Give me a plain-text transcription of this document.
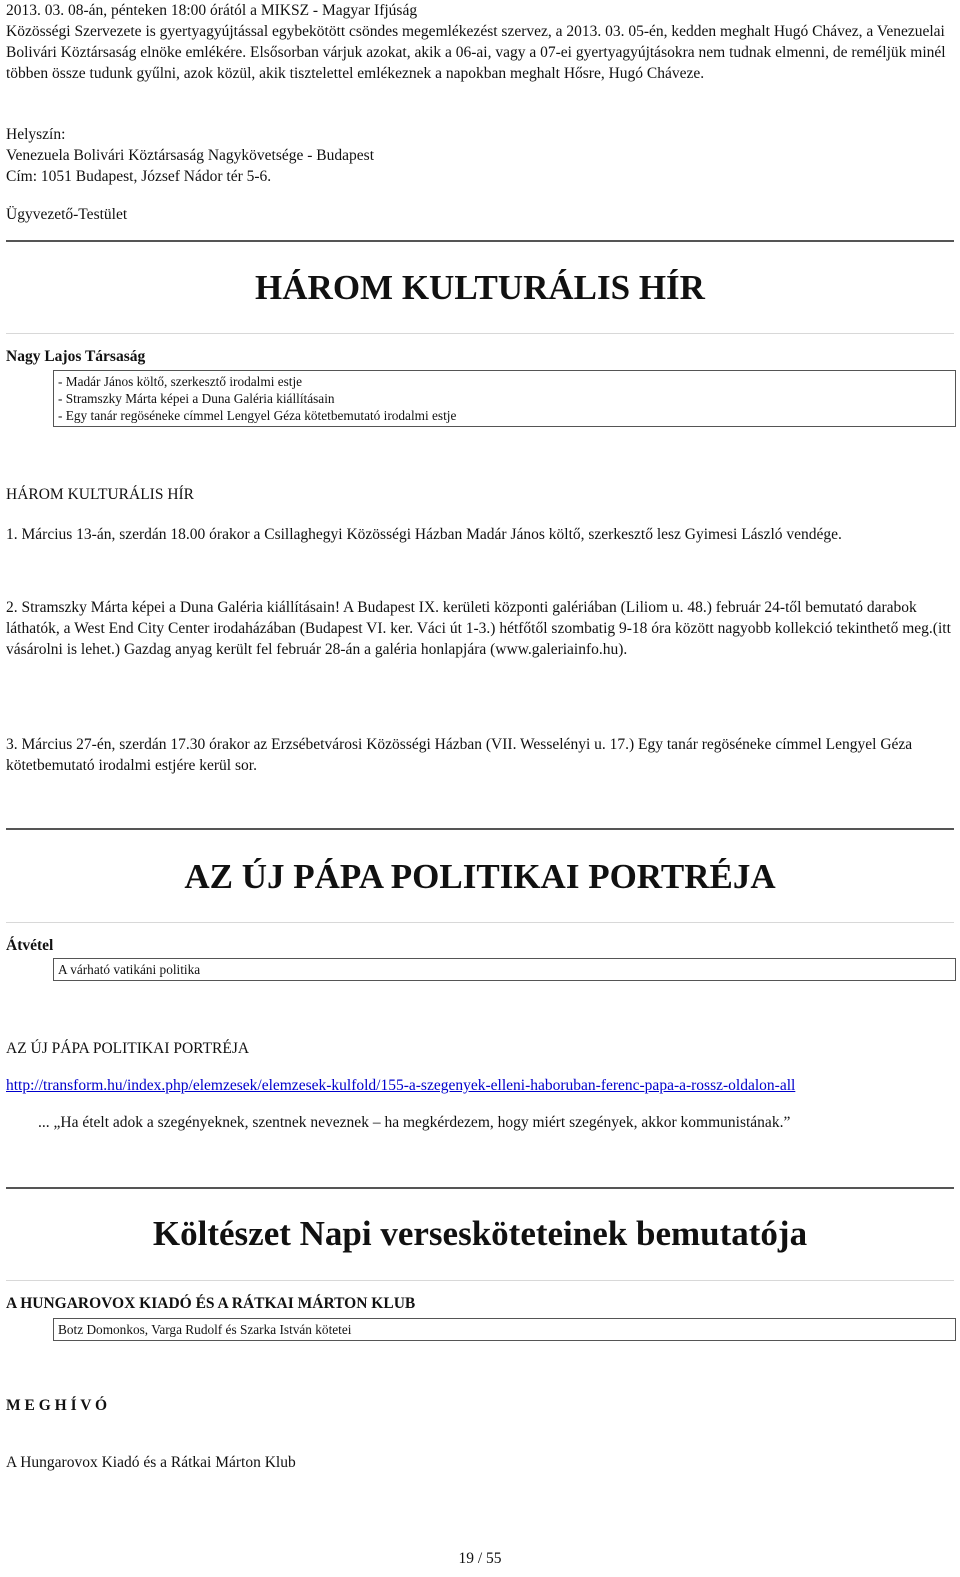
2013. 03. 08-án, pénteken 18:00 órától a MIKSZ - Magyar Ifjúság

Közösségi Szervezete is gyertyagyújtással egybekötött csöndes megemlékezést szervez, a 2013. 03. 05-én, kedden meghalt Hugó Chávez, a Venezuelai Bolivári Köztársaság elnöke emlékére. Elsősorban várjuk azokat, akik a 06-ai, vagy a 07-ei gyertyagyújtásokra nem tudnak elmenni, de reméljük minél többen össze tudunk gyűlni, azok közül, akik tisztelettel emlékeznek a napokban meghalt Hősre, Hugó Cháveze.

Helyszín:

Venezuela Bolivári Köztársaság Nagykövetsége - Budapest

Cím: 1051 Budapest, József Nádor tér 5-6.

Ügyvezető-Testület

HÁROM KULTURÁLIS HÍR

Nagy Lajos Társaság

- Madár János költő, szerkesztő irodalmi estje
- Stramszky Márta képei a Duna Galéria kiállításain
- Egy tanár regöséneke címmel Lengyel Géza kötetbemutató irodalmi estje

HÁROM KULTURÁLIS HÍR

1. Március 13-án, szerdán 18.00 órakor a Csillaghegyi Közösségi Házban Madár János költő, szerkesztő lesz Gyimesi László vendége.

2. Stramszky Márta képei a Duna Galéria kiállításain! A Budapest IX. kerületi központi galériában (Liliom u. 48.) február 24-től bemutató darabok láthatók, a West End City Center irodaházában (Budapest VI. ker. Váci út 1-3.) hétfőtől szombatig 9-18 óra között nagyobb kollekció tekinthető meg.(itt vásárolni is lehet.) Gazdag anyag került fel február 28-án a galéria honlapjára (www.galeriainfo.hu).

3. Március 27-én, szerdán 17.30 órakor az Erzsébetvárosi Közösségi Házban (VII. Wesselényi u. 17.) Egy tanár regöséneke címmel Lengyel Géza kötetbemutató irodalmi estjére kerül sor.

AZ ÚJ PÁPA POLITIKAI PORTRÉJA

Átvétel

A várható vatikáni politika

AZ ÚJ PÁPA POLITIKAI PORTRÉJA

http://transform.hu/index.php/elemzesek/elemzesek-kulfold/155-a-szegenyek-elleni-haboruban-ferenc-papa-a-rossz-oldalon-all

... „Ha ételt adok a szegényeknek, szentnek neveznek – ha megkérdezem, hogy miért szegények, akkor kommunistának.”

Költészet Napi versesköteteinek bemutatója

A HUNGAROVOX KIADÓ ÉS A RÁTKAI MÁRTON KLUB

Botz Domonkos, Varga Rudolf és Szarka István kötetei

M E G H Í V Ó

A Hungarovox Kiadó és a Rátkai Márton Klub

19 / 55
